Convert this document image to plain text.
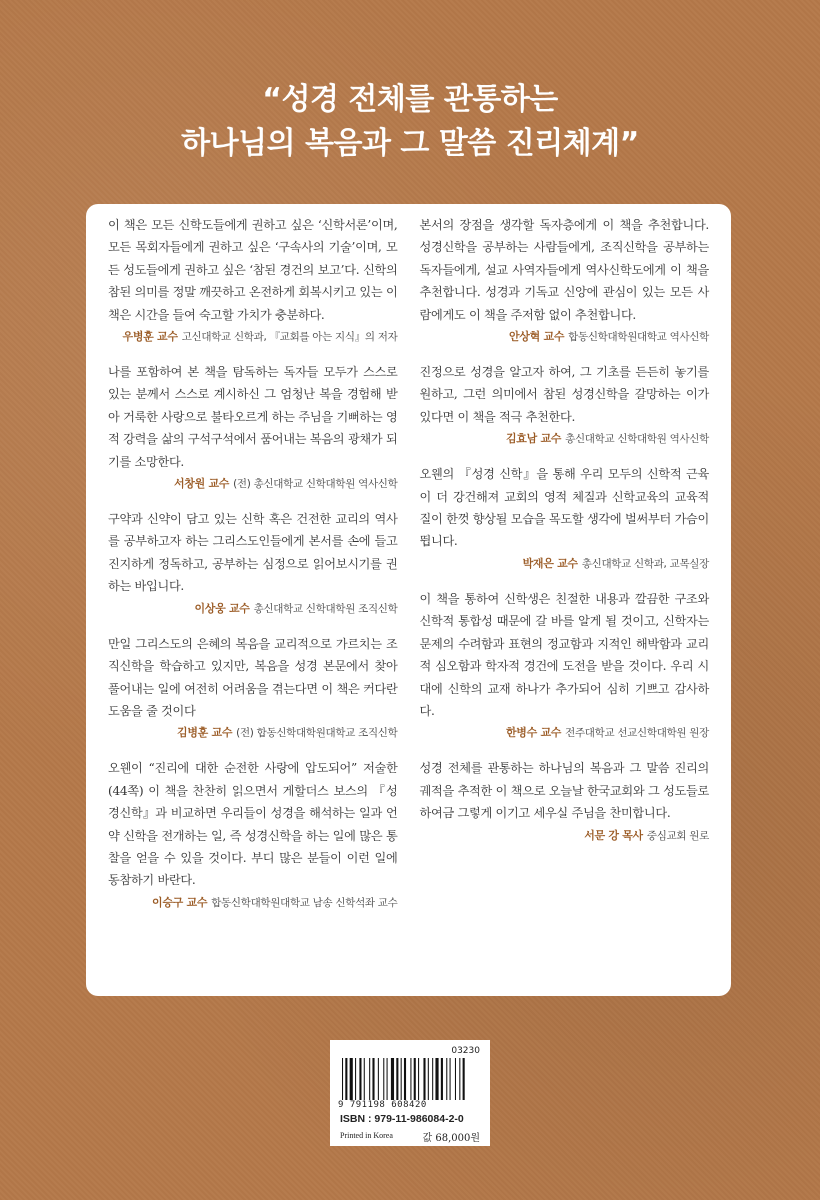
“성경 전체를 관통하는
하나님의 복음과 그 말씀 진리체계”

이 책은 모든 신학도들에게 권하고 싶은 ‘신학서론’이며, 모든 목회자들에게 권하고 싶은 ‘구속사의 기술’이며, 모든 성도들에게 권하고 싶은 ‘참된 경건의 보고’다. 신학의 참된 의미를 정말 깨끗하고 온전하게 회복시키고 있는 이 책은 시간을 들여 숙고할 가치가 충분하다.

우병훈 교수 고신대학교 신학과, 『교회를 아는 지식』의 저자

나를 포함하여 본 책을 탐독하는 독자들 모두가 스스로 있는 분께서 스스로 계시하신 그 엄청난 복을 경험해 받아 거룩한 사랑으로 불타오르게 하는 주님을 기뻐하는 영적 강력을 삶의 구석구석에서 품어내는 복음의 광채가 되기를 소망한다.

서창원 교수 (전) 총신대학교 신학대학원 역사신학

구약과 신약이 담고 있는 신학 혹은 건전한 교리의 역사를 공부하고자 하는 그리스도인들에게 본서를 손에 들고 진지하게 정독하고, 공부하는 심정으로 읽어보시기를 권하는 바입니다.

이상웅 교수 총신대학교 신학대학원 조직신학

만일 그리스도의 은혜의 복음을 교리적으로 가르치는 조직신학을 학습하고 있지만, 복음을 성경 본문에서 찾아 풀어내는 일에 여전히 어려움을 겪는다면 이 책은 커다란 도움을 줄 것이다

김병훈 교수 (전) 합동신학대학원대학교 조직신학

오웬이 “진리에 대한 순전한 사랑에 압도되어” 저술한(44쪽) 이 책을 찬찬히 읽으면서 게할더스 보스의 『성경신학』과 비교하면 우리들이 성경을 해석하는 일과 언약 신학을 전개하는 일, 즉 성경신학을 하는 일에 많은 통찰을 얻을 수 있을 것이다. 부디 많은 분들이 이런 일에 동참하기 바란다.

이승구 교수 합동신학대학원대학교 남송 신학석좌 교수

본서의 장점을 생각할 독자층에게 이 책을 추천합니다. 성경신학을 공부하는 사람들에게, 조직신학을 공부하는 독자들에게, 설교 사역자들에게 역사신학도에게 이 책을 추천합니다. 성경과 기독교 신앙에 관심이 있는 모든 사람에게도 이 책을 주저함 없이 추천합니다.

안상혁 교수 합동신학대학원대학교 역사신학

진정으로 성경을 알고자 하여, 그 기초를 든든히 놓기를 원하고, 그런 의미에서 참된 성경신학을 갈망하는 이가 있다면 이 책을 적극 추천한다.

김효남 교수 총신대학교 신학대학원 역사신학

오웬의 『성경 신학』을 통해 우리 모두의 신학적 근육이 더 강건해져 교회의 영적 체질과 신학교육의 교육적 질이 한껏 향상될 모습을 목도할 생각에 벌써부터 가슴이 뜁니다.

박재은 교수 총신대학교 신학과, 교목실장

이 책을 통하여 신학생은 친절한 내용과 깔끔한 구조와 신학적 통합성 때문에 갈 바를 알게 될 것이고, 신학자는 문제의 수려함과 표현의 정교함과 지적인 해박함과 교리적 심오함과 학자적 경건에 도전을 받을 것이다. 우리 시대에 신학의 교재 하나가 추가되어 심히 기쁘고 감사하다.

한병수 교수 전주대학교 선교신학대학원 원장

성경 전체를 관통하는 하나님의 복음과 그 말씀 진리의 궤적을 추적한 이 책으로 오늘날 한국교회와 그 성도들로 하여금 그렇게 이기고 세우실 주님을 찬미합니다.

서문 강 목사 중심교회 원로
03230
9 791198 608420
ISBN : 979-11-986084-2-0
Printed in Korea	값 68,000원
